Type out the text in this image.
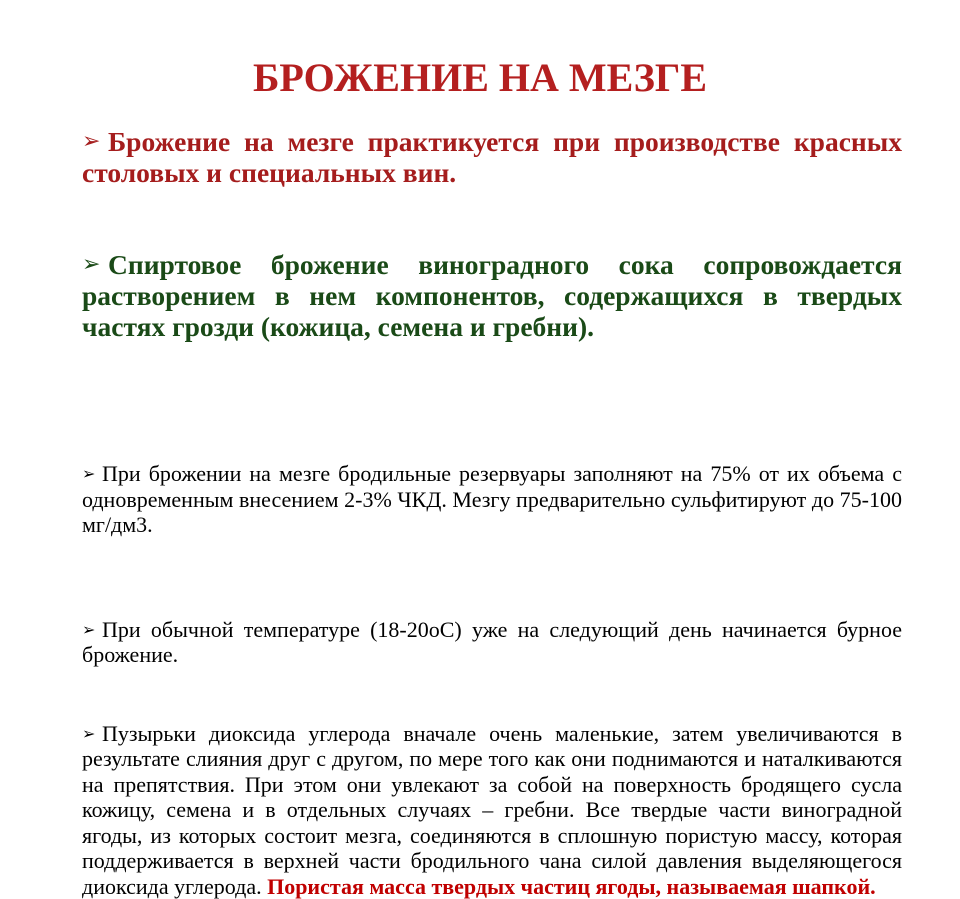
БРОЖЕНИЕ НА МЕЗГЕ
➢ Брожение на мезге практикуется при производстве красных столовых и специальных вин.
➢ Спиртовое брожение виноградного сока сопровождается растворением в нем компонентов, содержащихся в твердых частях грозди (кожица, семена и гребни).
➢ При брожении на мезге бродильные резервуары заполняют на 75% от их объема с одновременным внесением 2-3% ЧКД. Мезгу предварительно сульфитируют до 75-100 мг/дм3.
➢ При обычной температуре (18-20оС) уже на следующий день начинается бурное брожение.
➢ Пузырьки диоксида углерода вначале очень маленькие, затем увеличиваются в результате слияния друг с другом, по мере того как они поднимаются и наталкиваются на препятствия. При этом они увлекают за собой на поверхность бродящего сусла кожицу, семена и в отдельных случаях – гребни. Все твердые части виноградной ягоды, из которых состоит мезга, соединяются в сплошную пористую массу, которая поддерживается в верхней части бродильного чана силой давления выделяющегося диоксида углерода. Пористая масса твердых частиц ягоды, называемая шапкой.
